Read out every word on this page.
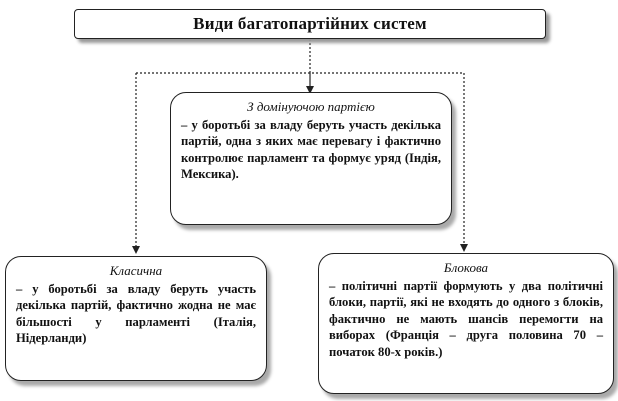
Види багатопартійних систем
З домінуючою партією
– у боротьбі за владу беруть участь декілька партій, одна з яких має перевагу і фактично контролює парламент та формує уряд (Індія, Мексика).
Класична
– у боротьбі за владу беруть участь декілька партій, фактично жодна не має більшості у парламенті (Італія, Нідерланди)
Блокова
– політичні партії формують у два політичні блоки, партії, які не входять до одного з блоків, фактично не мають шансів перемогти на виборах (Франція – друга половина 70 – початок 80-х років.)
